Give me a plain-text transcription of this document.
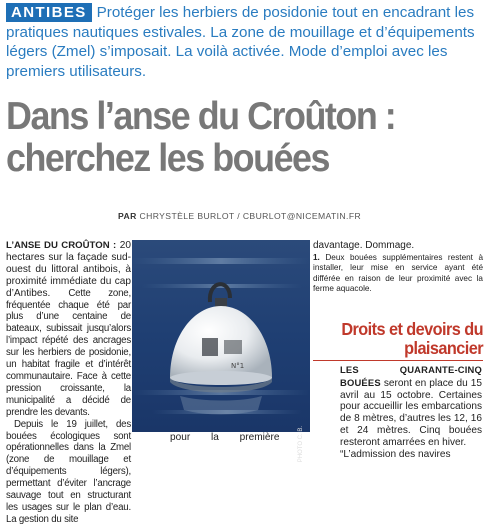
ANTIBES Protéger les herbiers de posidonie tout en encadrant les pratiques nautiques estivales. La zone de mouillage et d’équipements légers (Zmel) s’imposait. La voilà activée. Mode d’emploi avec les premiers utilisateurs.
Dans l’anse du Croûton :
cherchez les bouées
PAR CHRYSTÈLE BURLOT / CBURLOT@NICEMATIN.FR

L’ANSE DU CROÛTON : 20 hectares sur la façade sud-ouest du littoral antibois, à proximité immédiate du cap d’Antibes. Cette zone, fréquentée chaque été par plus d’une centaine de bateaux, subissait jusqu’alors l’impact répété des ancrages sur les herbiers de posidonie, un habitat fragile et d’intérêt communautaire. Face à cette pression croissante, la municipalité a décidé de prendre les devants.

Depuis le 19 juillet, des bouées écologiques sont opérationnelles dans la Zmel (zone de mouillage et d’équipements légers), permettant d’éviter l’ancrage sauvage tout en structurant les usages sur le plan d’eau. La gestion du site

N°1
PHOTO C. B.
pour la première
davantage. Dommage.
1. Deux bouées supplémentaires restent à installer, leur mise en service ayant été différée en raison de leur proximité avec la ferme aquacole.
Droits et devoirs du plaisancier
LES QUARANTE-CINQ BOUÉES seront en place du 15 avril au 15 octobre. Certaines pour accueillir les embarcations de 8 mètres, d’autres les 12, 16 et 24 mètres. Cinq bouées resteront amarrées en hiver.
“L’admission des navires
